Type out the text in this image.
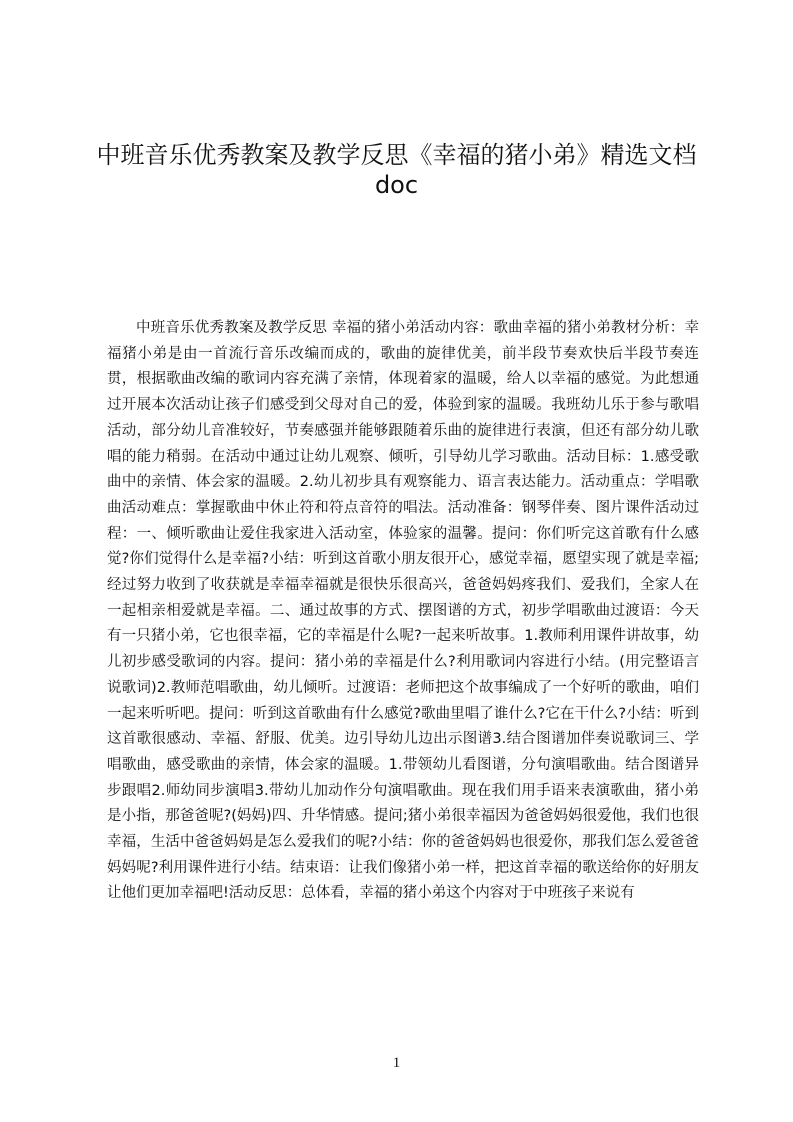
中班音乐优秀教案及教学反思《幸福的猪小弟》精选文档
doc
中班音乐优秀教案及教学反思 幸福的猪小弟活动内容：歌曲幸福的猪小弟教材分析：幸福猪小弟是由一首流行音乐改编而成的，歌曲的旋律优美，前半段节奏欢快后半段节奏连贯，根据歌曲改编的歌词内容充满了亲情，体现着家的温暖，给人以幸福的感觉。为此想通过开展本次活动让孩子们感受到父母对自己的爱，体验到家的温暖。我班幼儿乐于参与歌唱活动，部分幼儿音准较好，节奏感强并能够跟随着乐曲的旋律进行表演，但还有部分幼儿歌唱的能力稍弱。在活动中通过让幼儿观察、倾听，引导幼儿学习歌曲。活动目标：1.感受歌曲中的亲情、体会家的温暖。2.幼儿初步具有观察能力、语言表达能力。活动重点：学唱歌曲活动难点：掌握歌曲中休止符和符点音符的唱法。活动准备：钢琴伴奏、图片课件活动过程：一、倾听歌曲让爱住我家进入活动室，体验家的温馨。提问：你们听完这首歌有什么感觉?你们觉得什么是幸福?小结：听到这首歌小朋友很开心，感觉幸福，愿望实现了就是幸福;经过努力收到了收获就是幸福幸福就是很快乐很高兴，爸爸妈妈疼我们、爱我们，全家人在一起相亲相爱就是幸福。二、通过故事的方式、摆图谱的方式，初步学唱歌曲过渡语：今天有一只猪小弟，它也很幸福，它的幸福是什么呢?一起来听故事。1.教师利用课件讲故事，幼儿初步感受歌词的内容。提问：猪小弟的幸福是什么?利用歌词内容进行小结。(用完整语言说歌词)2.教师范唱歌曲，幼儿倾听。过渡语：老师把这个故事编成了一个好听的歌曲，咱们一起来听听吧。提问：听到这首歌曲有什么感觉?歌曲里唱了谁什么?它在干什么?小结：听到这首歌很感动、幸福、舒服、优美。边引导幼儿边出示图谱3.结合图谱加伴奏说歌词三、学唱歌曲，感受歌曲的亲情，体会家的温暖。1.带领幼儿看图谱，分句演唱歌曲。结合图谱异步跟唱2.师幼同步演唱3.带幼儿加动作分句演唱歌曲。现在我们用手语来表演歌曲，猪小弟是小指，那爸爸呢?(妈妈)四、升华情感。提问;猪小弟很幸福因为爸爸妈妈很爱他，我们也很幸福，生活中爸爸妈妈是怎么爱我们的呢?小结：你的爸爸妈妈也很爱你，那我们怎么爱爸爸妈妈呢?利用课件进行小结。结束语：让我们像猪小弟一样，把这首幸福的歌送给你的好朋友让他们更加幸福吧!活动反思：总体看，幸福的猪小弟这个内容对于中班孩子来说有
1
